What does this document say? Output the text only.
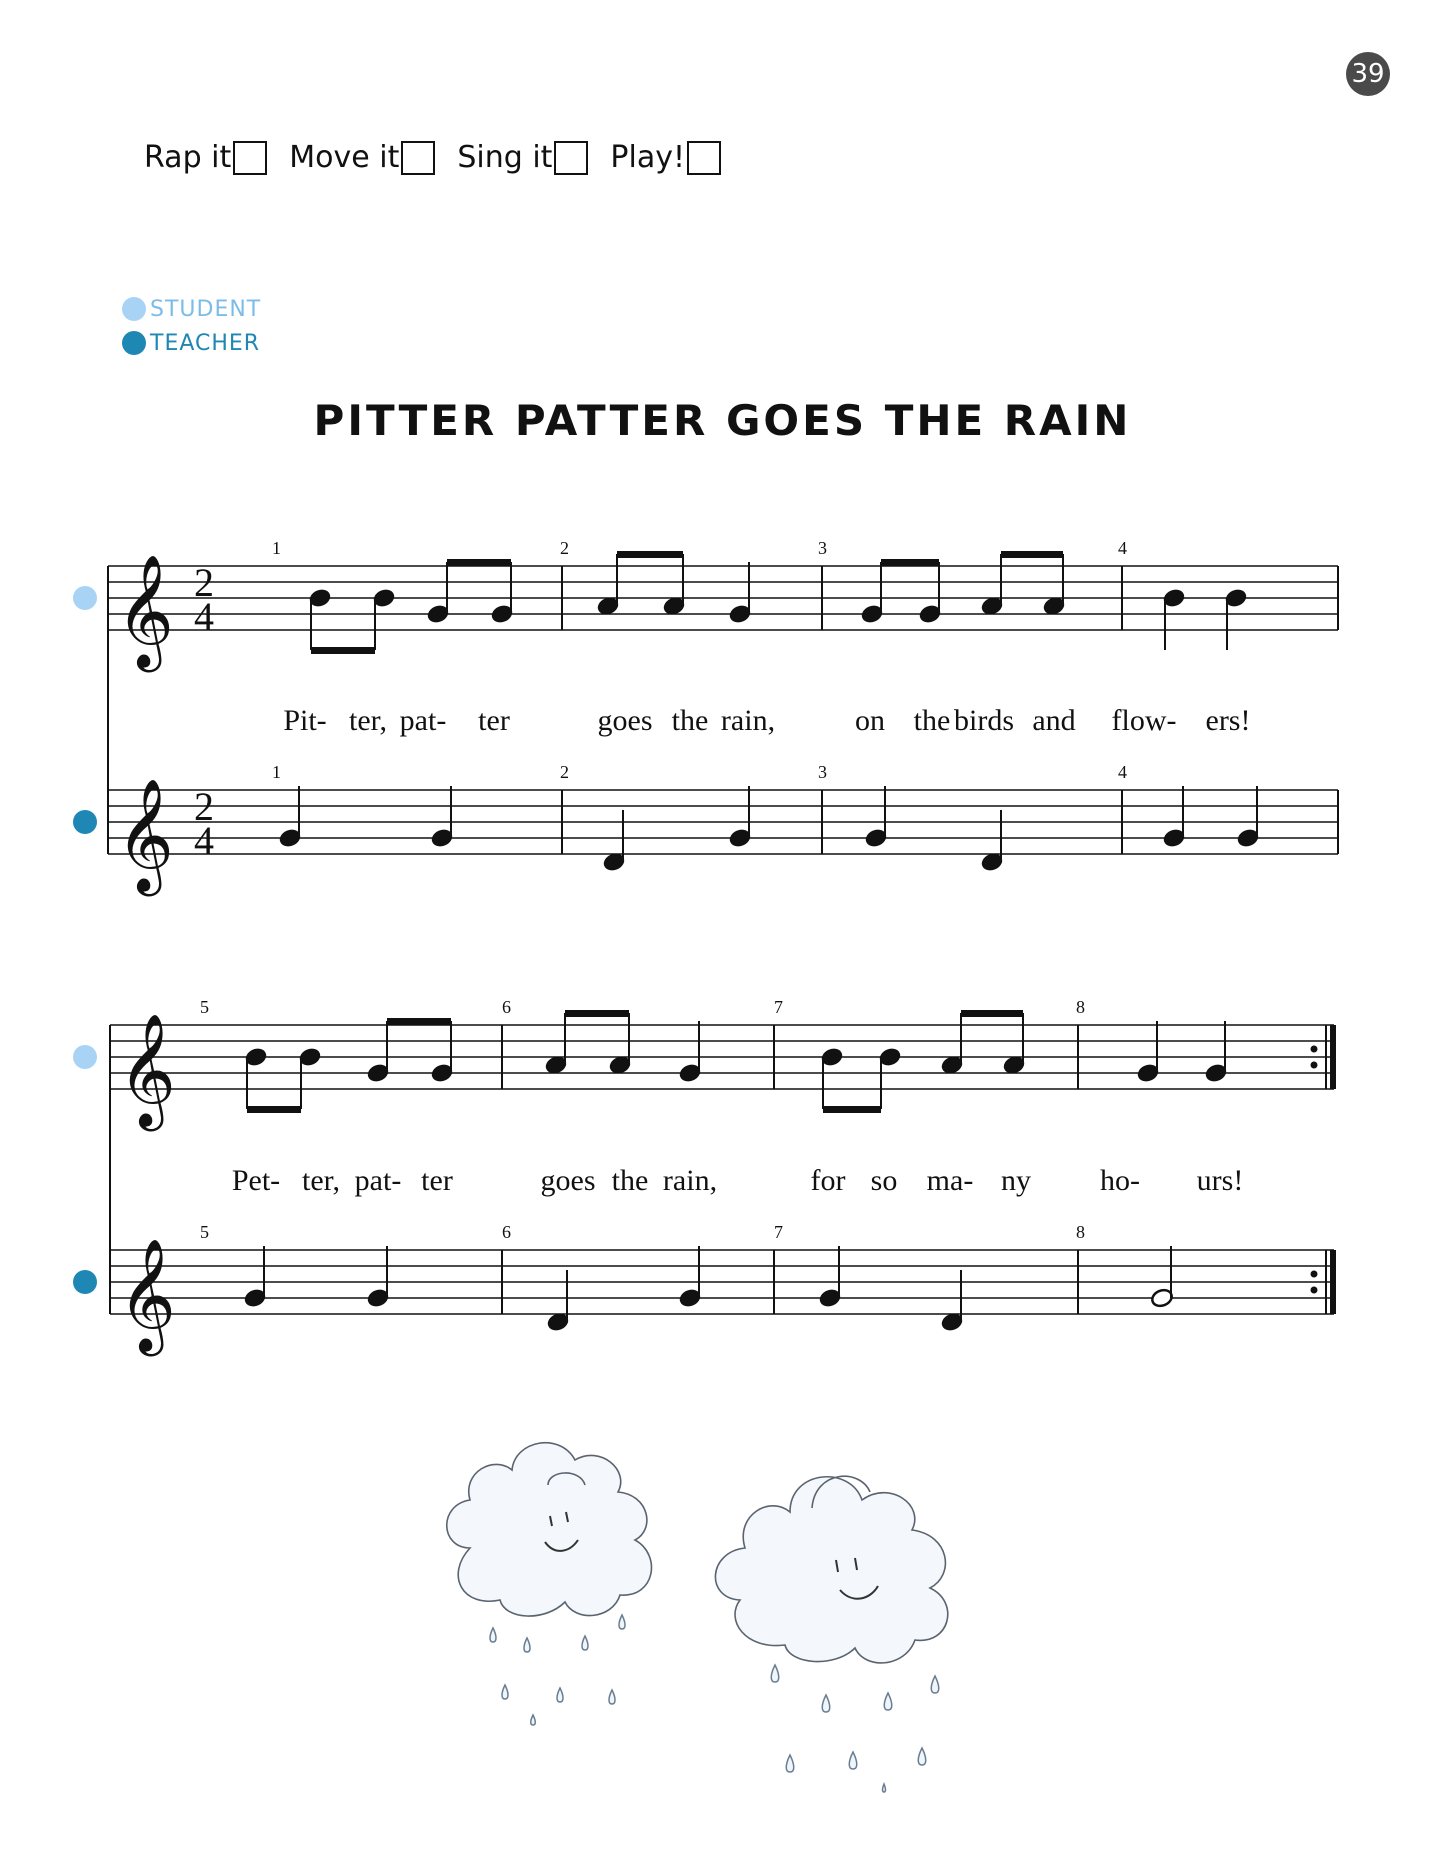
39
Rap it Move it Sing it Play!
STUDENT
TEACHER
PITTER PATTER GOES THE RAIN
𝄞 2
4
1	2	3	4
𝄞 2
4
1	2	3	4
Pit- ter, pat- ter	goes the rain,	on the birds and flow- ers!
𝄞
5	6	7	8
𝄞
5	6	7	8
Pet- ter, pat- ter	goes the rain,	for so ma- ny ho- urs!
